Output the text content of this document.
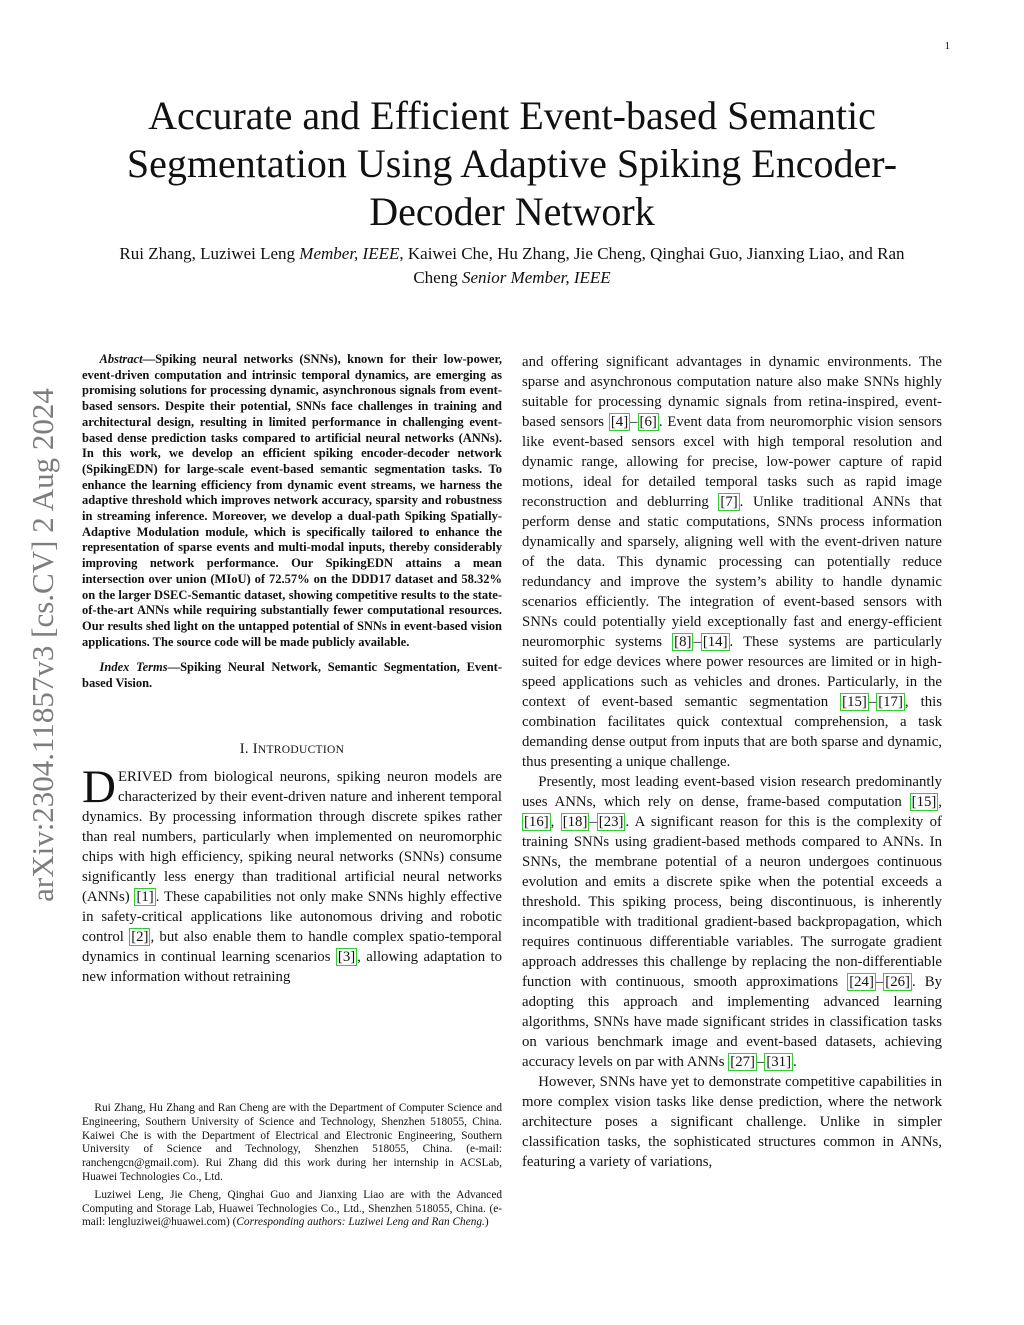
1
arXiv:2304.11857v3 [cs.CV] 2 Aug 2024
Accurate and Efficient Event-based Semantic Segmentation Using Adaptive Spiking Encoder-Decoder Network

Rui Zhang, Luziwei Leng Member, IEEE, Kaiwei Che, Hu Zhang, Jie Cheng, Qinghai Guo, Jianxing Liao, and Ran Cheng Senior Member, IEEE

Abstract—Spiking neural networks (SNNs), known for their low-power, event-driven computation and intrinsic temporal dynamics, are emerging as promising solutions for processing dynamic, asynchronous signals from event-based sensors. Despite their potential, SNNs face challenges in training and architectural design, resulting in limited performance in challenging event-based dense prediction tasks compared to artificial neural networks (ANNs). In this work, we develop an efficient spiking encoder-decoder network (SpikingEDN) for large-scale event-based semantic segmentation tasks. To enhance the learning efficiency from dynamic event streams, we harness the adaptive threshold which improves network accuracy, sparsity and robustness in streaming inference. Moreover, we develop a dual-path Spiking Spatially-Adaptive Modulation module, which is specifically tailored to enhance the representation of sparse events and multi-modal inputs, thereby considerably improving network performance. Our SpikingEDN attains a mean intersection over union (MIoU) of 72.57% on the DDD17 dataset and 58.32% on the larger DSEC-Semantic dataset, showing competitive results to the state-of-the-art ANNs while requiring substantially fewer computational resources. Our results shed light on the untapped potential of SNNs in event-based vision applications. The source code will be made publicly available.

Index Terms—Spiking Neural Network, Semantic Segmentation, Event-based Vision.

I. INTRODUCTION

DERIVED from biological neurons, spiking neuron models are characterized by their event-driven nature and inherent temporal dynamics. By processing information through discrete spikes rather than real numbers, particularly when implemented on neuromorphic chips with high efficiency, spiking neural networks (SNNs) consume significantly less energy than traditional artificial neural networks (ANNs) [1] . These capabilities not only make SNNs highly effective in safety-critical applications like autonomous driving and robotic control [2] , but also enable them to handle complex spatio-temporal dynamics in continual learning scenarios [3] , allowing adaptation to new information without retraining

Rui Zhang, Hu Zhang and Ran Cheng are with the Department of Computer Science and Engineering, Southern University of Science and Technology, Shenzhen 518055, China. Kaiwei Che is with the Department of Electrical and Electronic Engineering, Southern University of Science and Technology, Shenzhen 518055, China. (e-mail: ranchengcn@gmail.com). Rui Zhang did this work during her internship in ACSLab, Huawei Technologies Co., Ltd.

Luziwei Leng, Jie Cheng, Qinghai Guo and Jianxing Liao are with the Advanced Computing and Storage Lab, Huawei Technologies Co., Ltd., Shenzhen 518055, China. (e-mail: lengluziwei@huawei.com) (Corresponding authors: Luziwei Leng and Ran Cheng.)

and offering significant advantages in dynamic environments. The sparse and asynchronous computation nature also make SNNs highly suitable for processing dynamic signals from retina-inspired, event-based sensors [4] – [6] . Event data from neuromorphic vision sensors like event-based sensors excel with high temporal resolution and dynamic range, allowing for precise, low-power capture of rapid motions, ideal for detailed temporal tasks such as rapid image reconstruction and deblurring [7] . Unlike traditional ANNs that perform dense and static computations, SNNs process information dynamically and sparsely, aligning well with the event-driven nature of the data. This dynamic processing can potentially reduce redundancy and improve the system’s ability to handle dynamic scenarios efficiently. The integration of event-based sensors with SNNs could potentially yield exceptionally fast and energy-efficient neuromorphic systems [8] – [14] . These systems are particularly suited for edge devices where power resources are limited or in high-speed applications such as vehicles and drones. Particularly, in the context of event-based semantic segmentation [15] – [17] , this combination facilitates quick contextual comprehension, a task demanding dense output from inputs that are both sparse and dynamic, thus presenting a unique challenge.

Presently, most leading event-based vision research predominantly uses ANNs, which rely on dense, frame-based computation [15] , [16] , [18] – [23] . A significant reason for this is the complexity of training SNNs using gradient-based methods compared to ANNs. In SNNs, the membrane potential of a neuron undergoes continuous evolution and emits a discrete spike when the potential exceeds a threshold. This spiking process, being discontinuous, is inherently incompatible with traditional gradient-based backpropagation, which requires continuous differentiable variables. The surrogate gradient approach addresses this challenge by replacing the non-differentiable function with continuous, smooth approximations [24] – [26] . By adopting this approach and implementing advanced learning algorithms, SNNs have made significant strides in classification tasks on various benchmark image and event-based datasets, achieving accuracy levels on par with ANNs [27] – [31] .

However, SNNs have yet to demonstrate competitive capabilities in more complex vision tasks like dense prediction, where the network architecture poses a significant challenge. Unlike in simpler classification tasks, the sophisticated structures common in ANNs, featuring a variety of variations,
